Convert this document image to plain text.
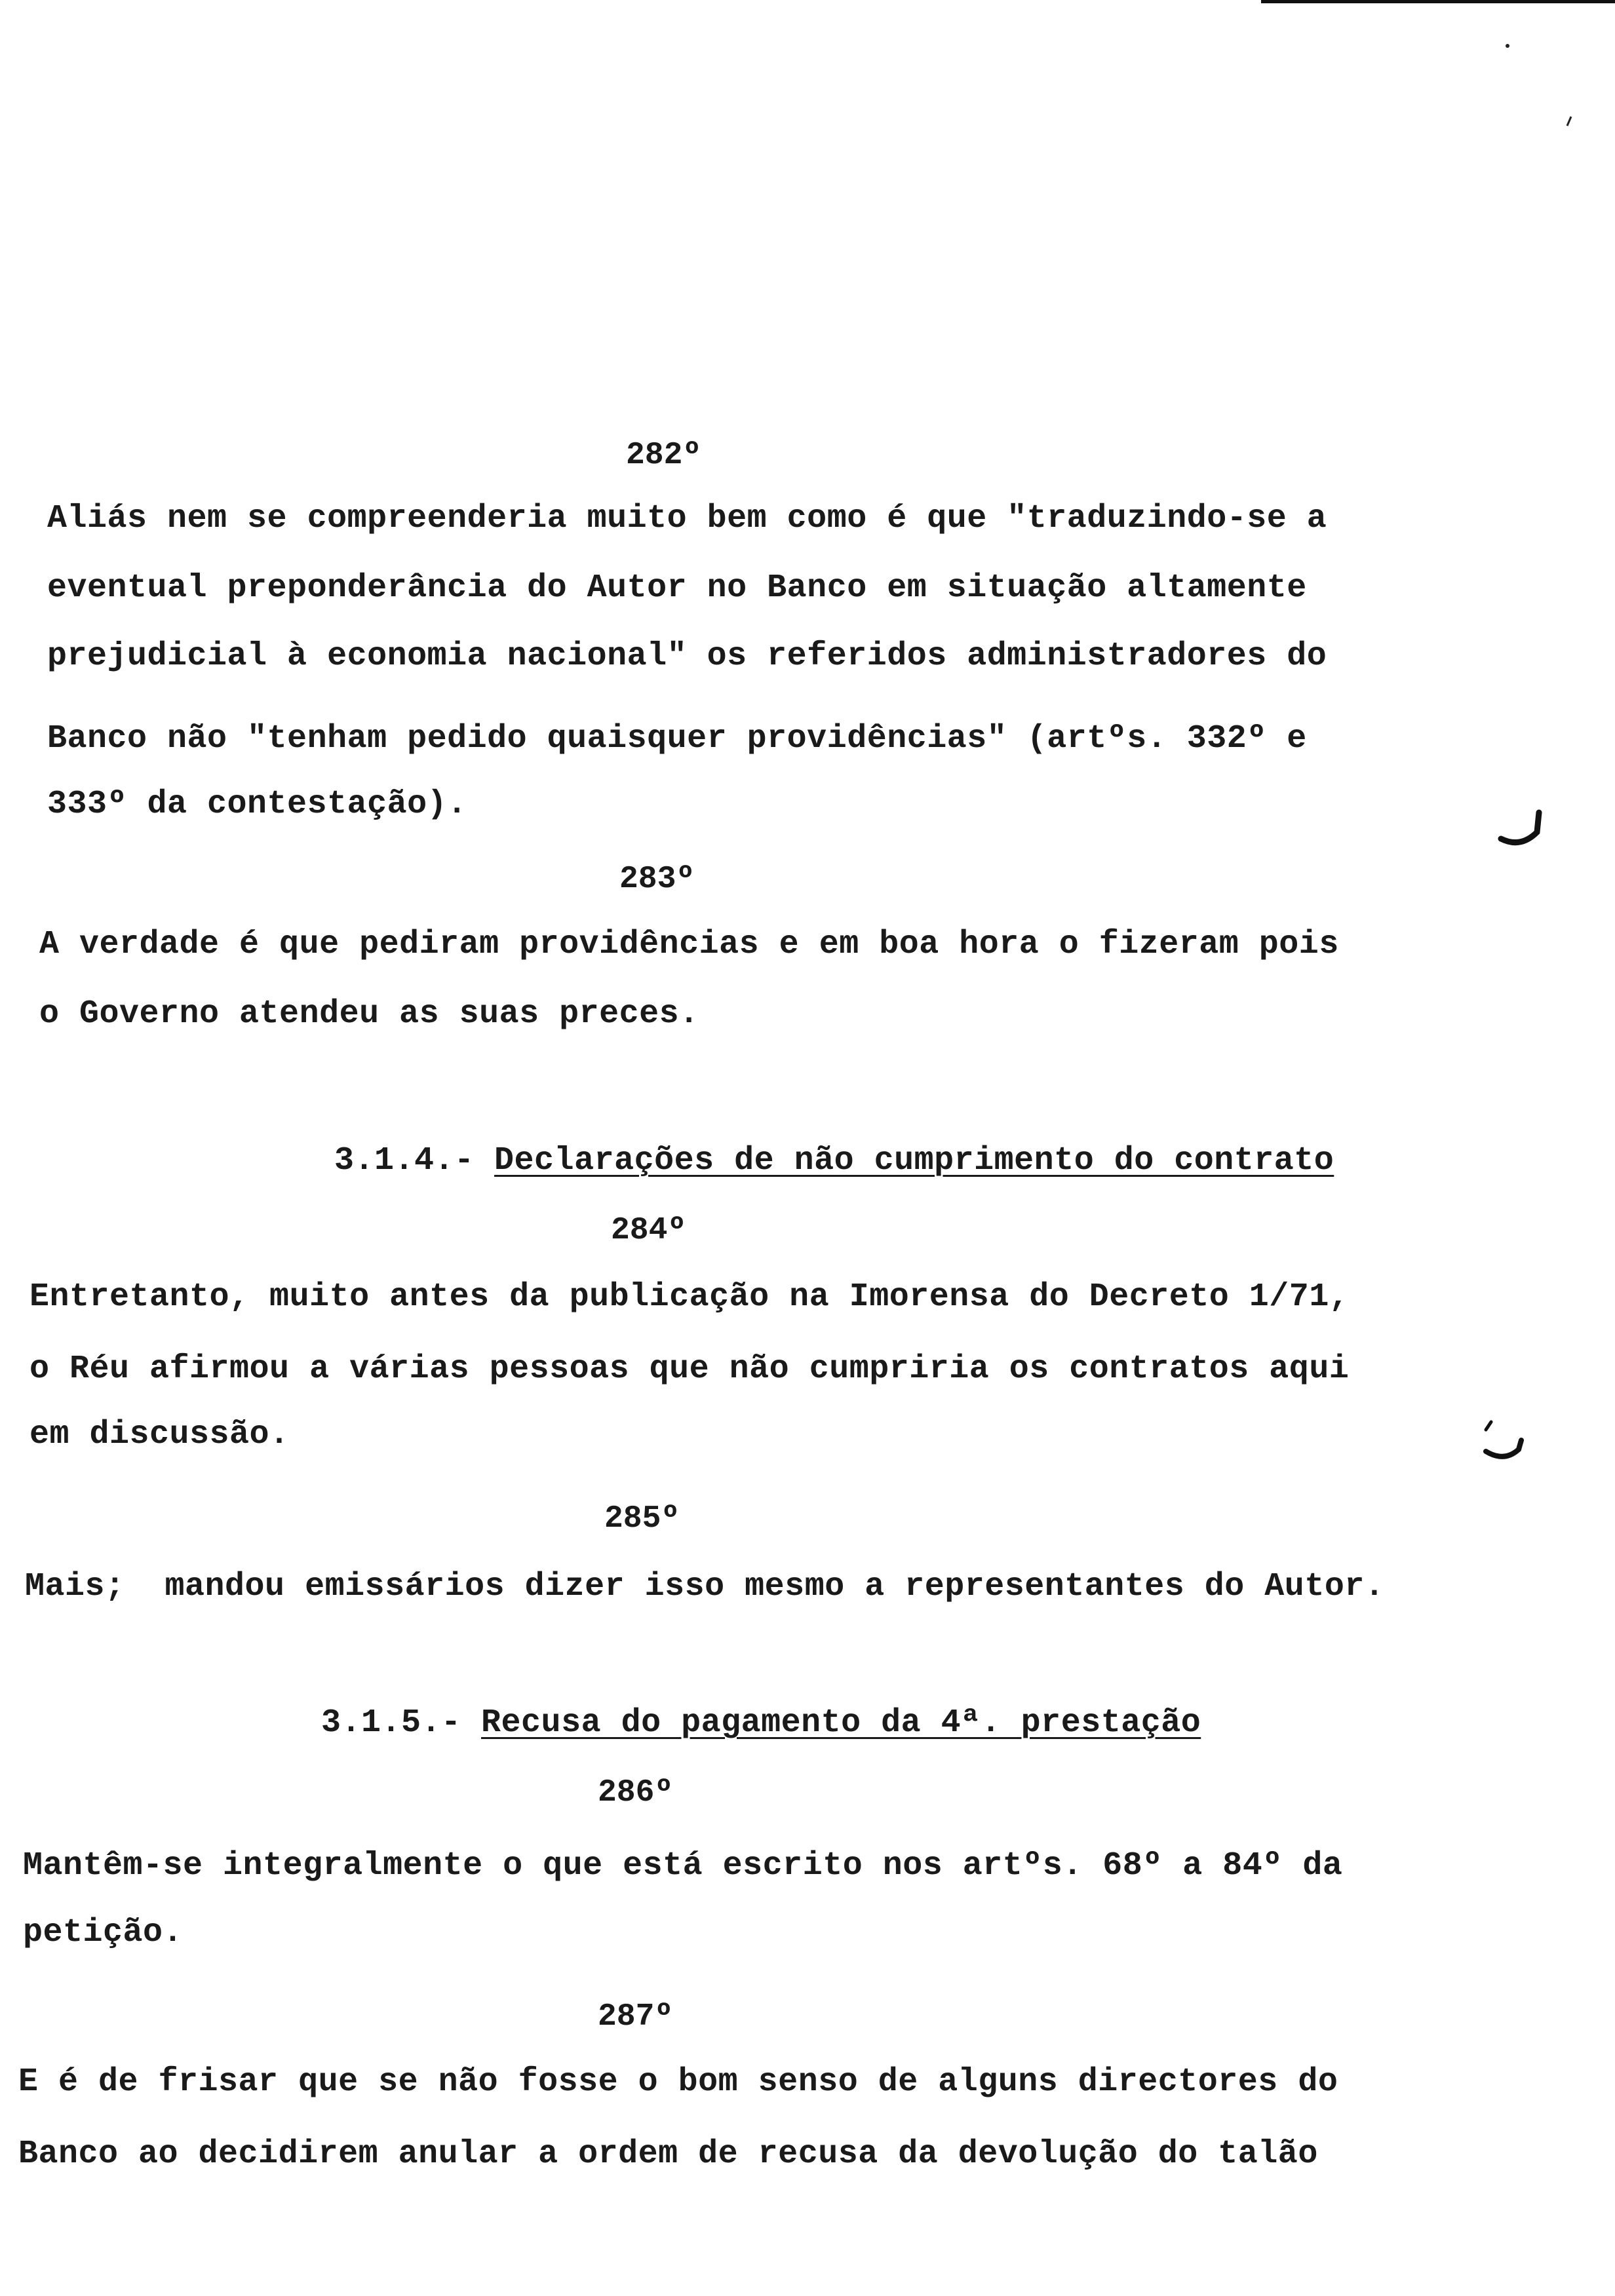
282º
Aliás nem se compreenderia muito bem como é que "traduzindo-se a
eventual preponderância do Autor no Banco em situação altamente
prejudicial à economia nacional" os referidos administradores do
Banco não "tenham pedido quaisquer providências" (artºs. 332º e
333º da contestação).
283º
A verdade é que pediram providências e em boa hora o fizeram pois
o Governo atendeu as suas preces.
3.1.4.- Declarações de não cumprimento do contrato
284º
Entretanto, muito antes da publicação na Imorensa do Decreto 1/71,
o Réu afirmou a várias pessoas que não cumpriria os contratos aqui
em discussão.
285º
Mais;  mandou emissários dizer isso mesmo a representantes do Autor.
3.1.5.- Recusa do pagamento da 4ª. prestação
286º
Mantêm-se integralmente o que está escrito nos artºs. 68º a 84º da
petição.
287º
E é de frisar que se não fosse o bom senso de alguns directores do
Banco ao decidirem anular a ordem de recusa da devolução do talão
